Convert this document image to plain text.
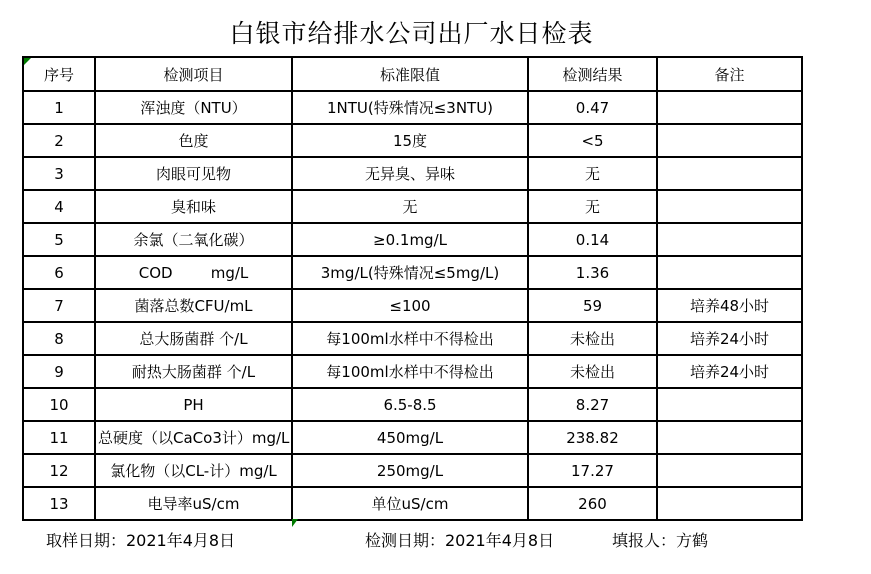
白银市给排水公司出厂水日检表
序号	检测项目	标准限值	检测结果	备注
1	浑浊度（NTU）	1NTU(特殊情况≤3NTU)	0.47	
2	色度	15度	<5	
3	肉眼可见物	无异臭、异味	无	
4	臭和味	无	无	
5	余氯（二氧化碳）	≥0.1mg/L	0.14	
6	COD        mg/L	3mg/L(特殊情况≤5mg/L)	1.36	
7	菌落总数CFU/mL	≤100	59	培养48小时
8	总大肠菌群 个/L	每100ml水样中不得检出	未检出	培养24小时
9	耐热大肠菌群 个/L	每100ml水样中不得检出	未检出	培养24小时
10	PH	6.5-8.5	8.27	
11	总硬度（以CaCo3计）mg/L	450mg/L	238.82	
12	氯化物（以CL-计）mg/L	250mg/L	17.27	
13	电导率uS/cm	单位uS/cm	260	
取样日期：2021年4月8日	检测日期：2021年4月8日	填报人：方鹤
